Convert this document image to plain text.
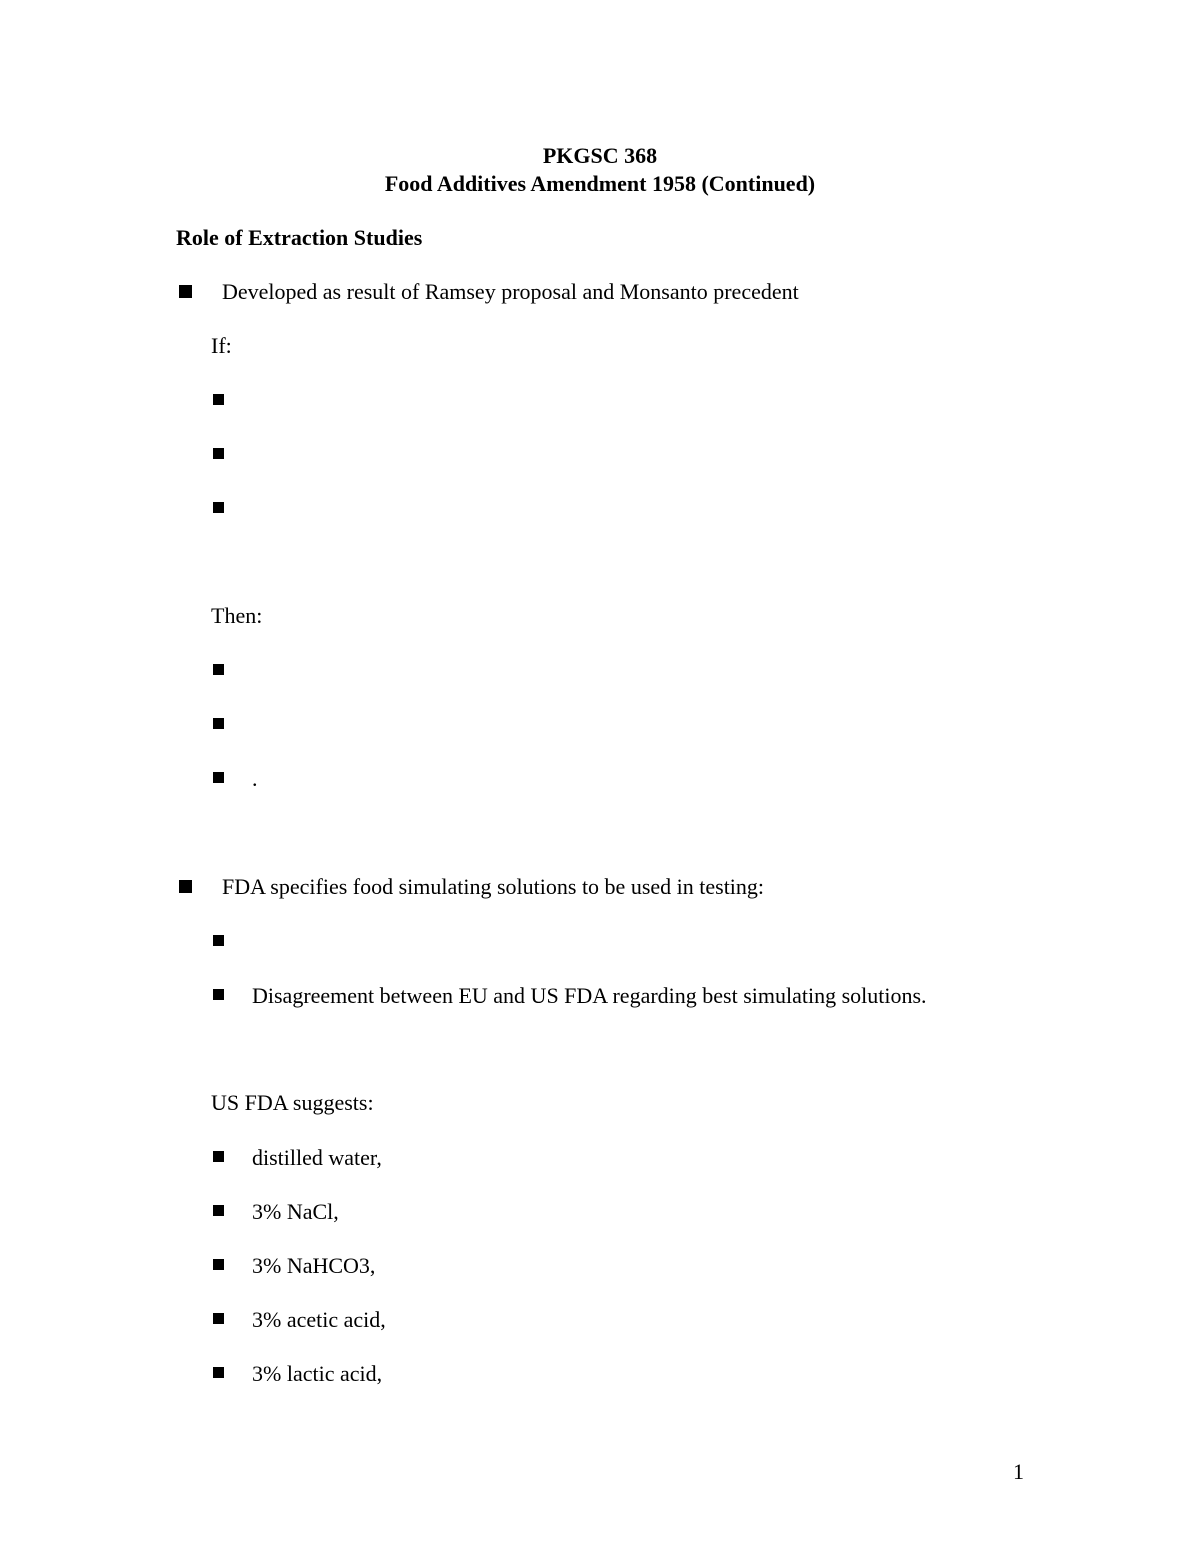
PKGSC 368
Food Additives Amendment 1958 (Continued)
Role of Extraction Studies
Developed as result of Ramsey proposal and Monsanto precedent
If:
Then:
.
FDA specifies food simulating solutions to be used in testing:
Disagreement between EU and US FDA regarding best simulating solutions.
US FDA suggests:
distilled water,
3% NaCl,
3% NaHCO3,
3% acetic acid,
3% lactic acid,
1
